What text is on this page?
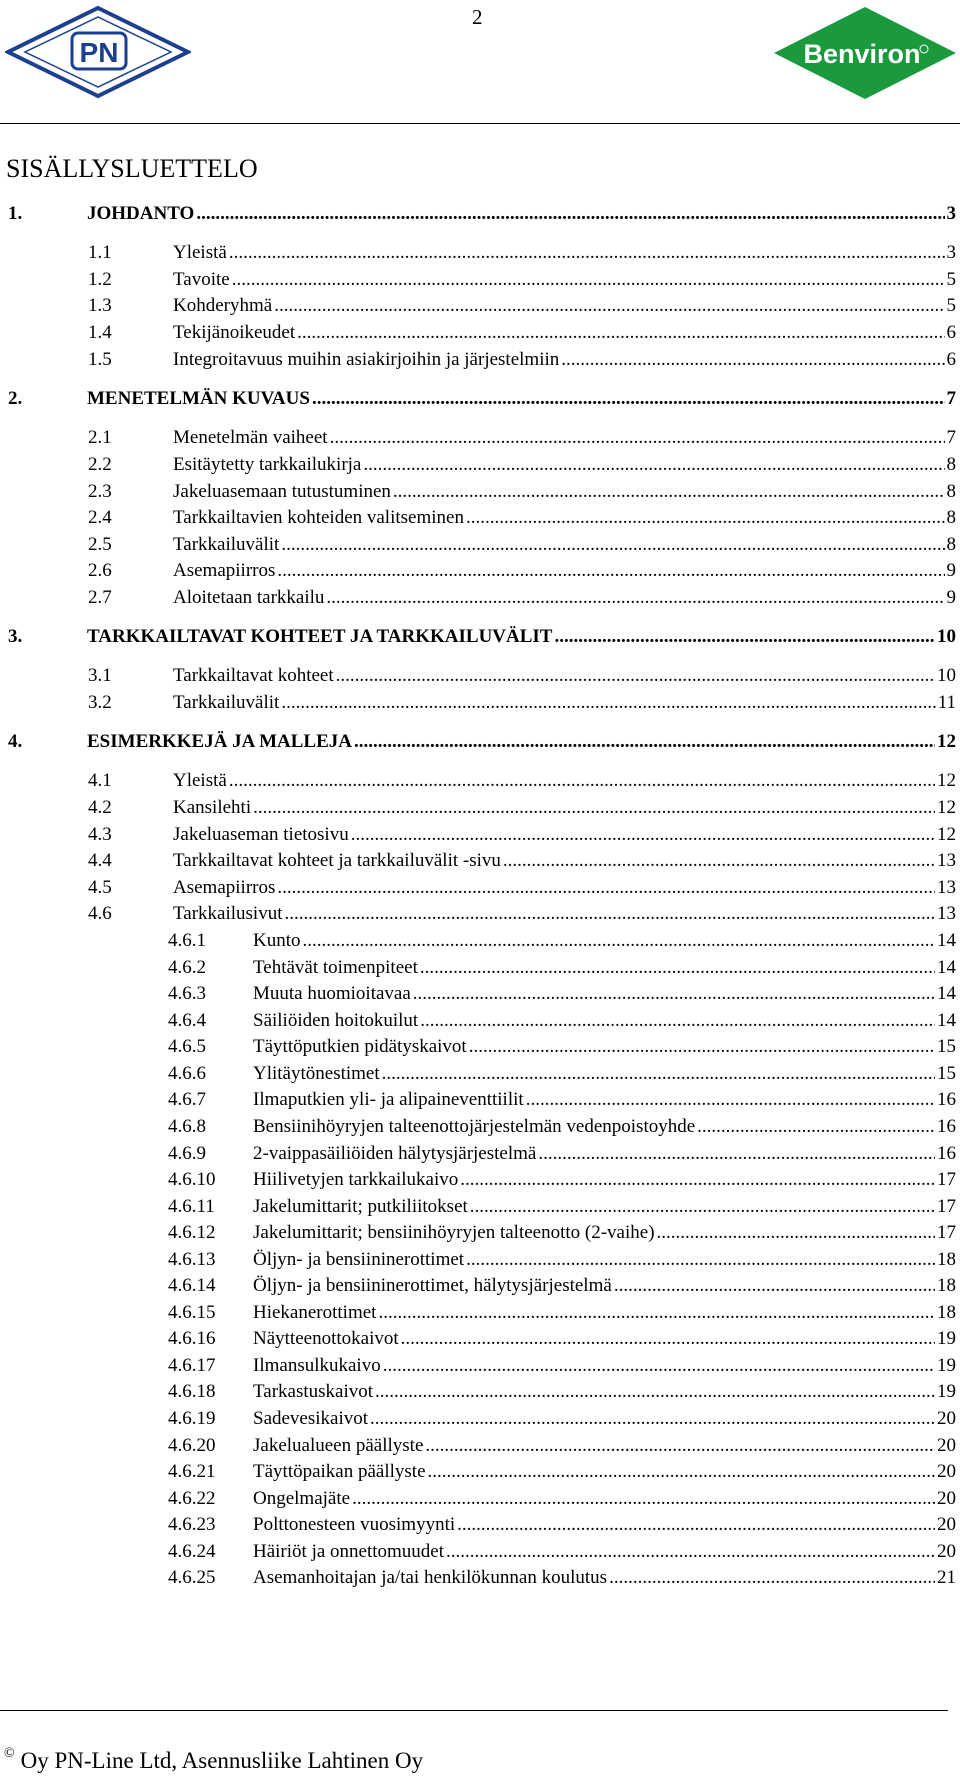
2
PN	Benviron
SISÄLLYSLUETTELO
1.	JOHDANTO .....	3
1.1	Yleistä .....	3
1.2	Tavoite .....	5
1.3	Kohderyhmä .....	5
1.4	Tekijänoikeudet .....	6
1.5	Integroitavuus muihin asiakirjoihin ja järjestelmiin .....	6
2.	MENETELMÄN KUVAUS .....	7
2.1	Menetelmän vaiheet .....	7
2.2	Esitäytetty tarkkailukirja .....	8
2.3	Jakeluasemaan tutustuminen .....	8
2.4	Tarkkailtavien kohteiden valitseminen .....	8
2.5	Tarkkailuvälit .....	8
2.6	Asemapiirros .....	9
2.7	Aloitetaan tarkkailu .....	9
3.	TARKKAILTAVAT KOHTEET JA TARKKAILUVÄLIT .....	10
3.1	Tarkkailtavat kohteet .....	10
3.2	Tarkkailuvälit .....	11
4.	ESIMERKKEJÄ JA MALLEJA .....	12
4.1	Yleistä .....	12
4.2	Kansilehti .....	12
4.3	Jakeluaseman tietosivu .....	12
4.4	Tarkkailtavat kohteet ja tarkkailuvälit -sivu .....	13
4.5	Asemapiirros .....	13
4.6	Tarkkailusivut .....	13
4.6.1	Kunto .....	14
4.6.2	Tehtävät toimenpiteet .....	14
4.6.3	Muuta huomioitavaa .....	14
4.6.4	Säiliöiden hoitokuilut .....	14
4.6.5	Täyttöputkien pidätyskaivot .....	15
4.6.6	Ylitäytönestimet .....	15
4.6.7	Ilmaputkien yli- ja alipaineventtiilit .....	16
4.6.8	Bensiinihöyryjen talteenottojärjestelmän vedenpoistoyhde .....	16
4.6.9	2-vaippasäiliöiden hälytysjärjestelmä .....	16
4.6.10	Hiilivetyjen tarkkailukaivo .....	17
4.6.11	Jakelumittarit; putkiliitokset .....	17
4.6.12	Jakelumittarit; bensiinihöyryjen talteenotto (2-vaihe) .....	17
4.6.13	Öljyn- ja bensiininerottimet .....	18
4.6.14	Öljyn- ja bensiininerottimet, hälytysjärjestelmä .....	18
4.6.15	Hiekanerottimet .....	18
4.6.16	Näytteenottokaivot .....	19
4.6.17	Ilmansulkukaivo .....	19
4.6.18	Tarkastuskaivot .....	19
4.6.19	Sadevesikaivot .....	20
4.6.20	Jakelualueen päällyste .....	20
4.6.21	Täyttöpaikan päällyste .....	20
4.6.22	Ongelmajäte .....	20
4.6.23	Polttonesteen vuosimyynti .....	20
4.6.24	Häiriöt ja onnettomuudet .....	20
4.6.25	Asemanhoitajan ja/tai henkilökunnan koulutus .....	21
© Oy PN-Line Ltd, Asennusliike Lahtinen Oy
